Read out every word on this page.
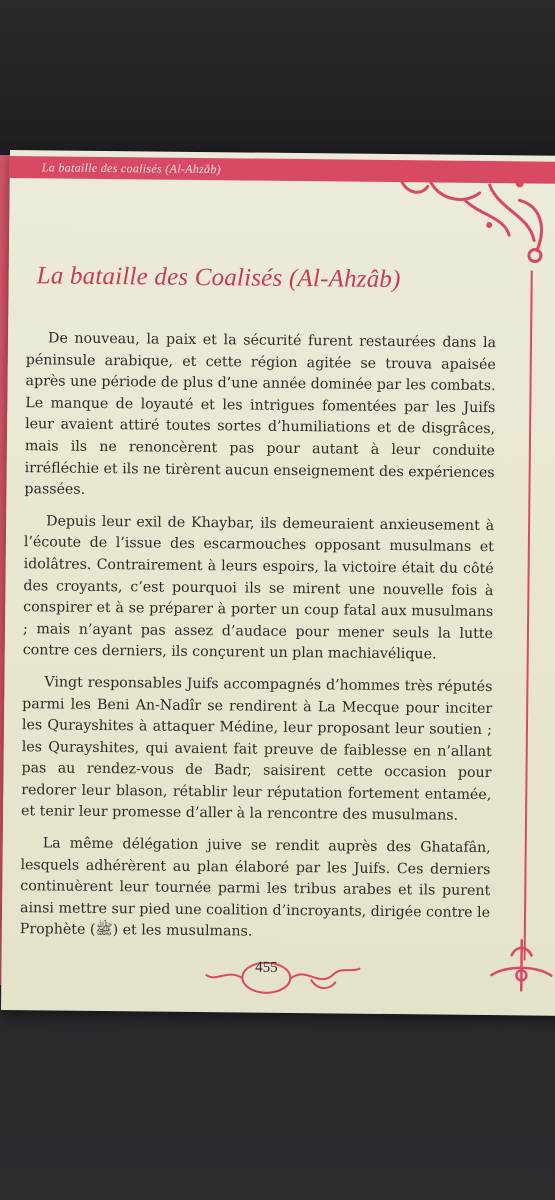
La bataille des coalisés (Al-Ahzâb)
La bataille des Coalisés (Al-Ahzâb)

De nouveau, la paix et la sécurité furent restaurées dans la péninsule arabique, et cette région agitée se trouva apaisée après une période de plus d’une année dominée par les combats. Le manque de loyauté et les intrigues fomentées par les Juifs leur avaient attiré toutes sortes d’humiliations et de disgrâces, mais ils ne renoncèrent pas pour autant à leur conduite irréfléchie et ils ne tirèrent aucun enseignement des expériences passées.

Depuis leur exil de Khaybar, ils demeuraient anxieusement à l’écoute de l’issue des escarmouches opposant musulmans et idolâtres. Contrairement à leurs espoirs, la victoire était du côté des croyants, c’est pourquoi ils se mirent une nouvelle fois à conspirer et à se préparer à porter un coup fatal aux musulmans ; mais n’ayant pas assez d’audace pour mener seuls la lutte contre ces derniers, ils conçurent un plan machiavélique.

Vingt responsables Juifs accompagnés d’hommes très réputés parmi les Beni An-Nadîr se rendirent à La Mecque pour inciter les Qurayshites à attaquer Médine, leur proposant leur soutien ; les Qurayshites, qui avaient fait preuve de faiblesse en n’allant pas au rendez-vous de Badr, saisirent cette occasion pour redorer leur blason, rétablir leur réputation fortement entamée, et tenir leur promesse d’aller à la rencontre des musulmans.

La même délégation juive se rendit auprès des Ghatafân, lesquels adhérèrent au plan élaboré par les Juifs. Ces derniers continuèrent leur tournée parmi les tribus arabes et ils purent ainsi mettre sur pied une coalition d’incroyants, dirigée contre le Prophète (ﷺ) et les musulmans.

455
